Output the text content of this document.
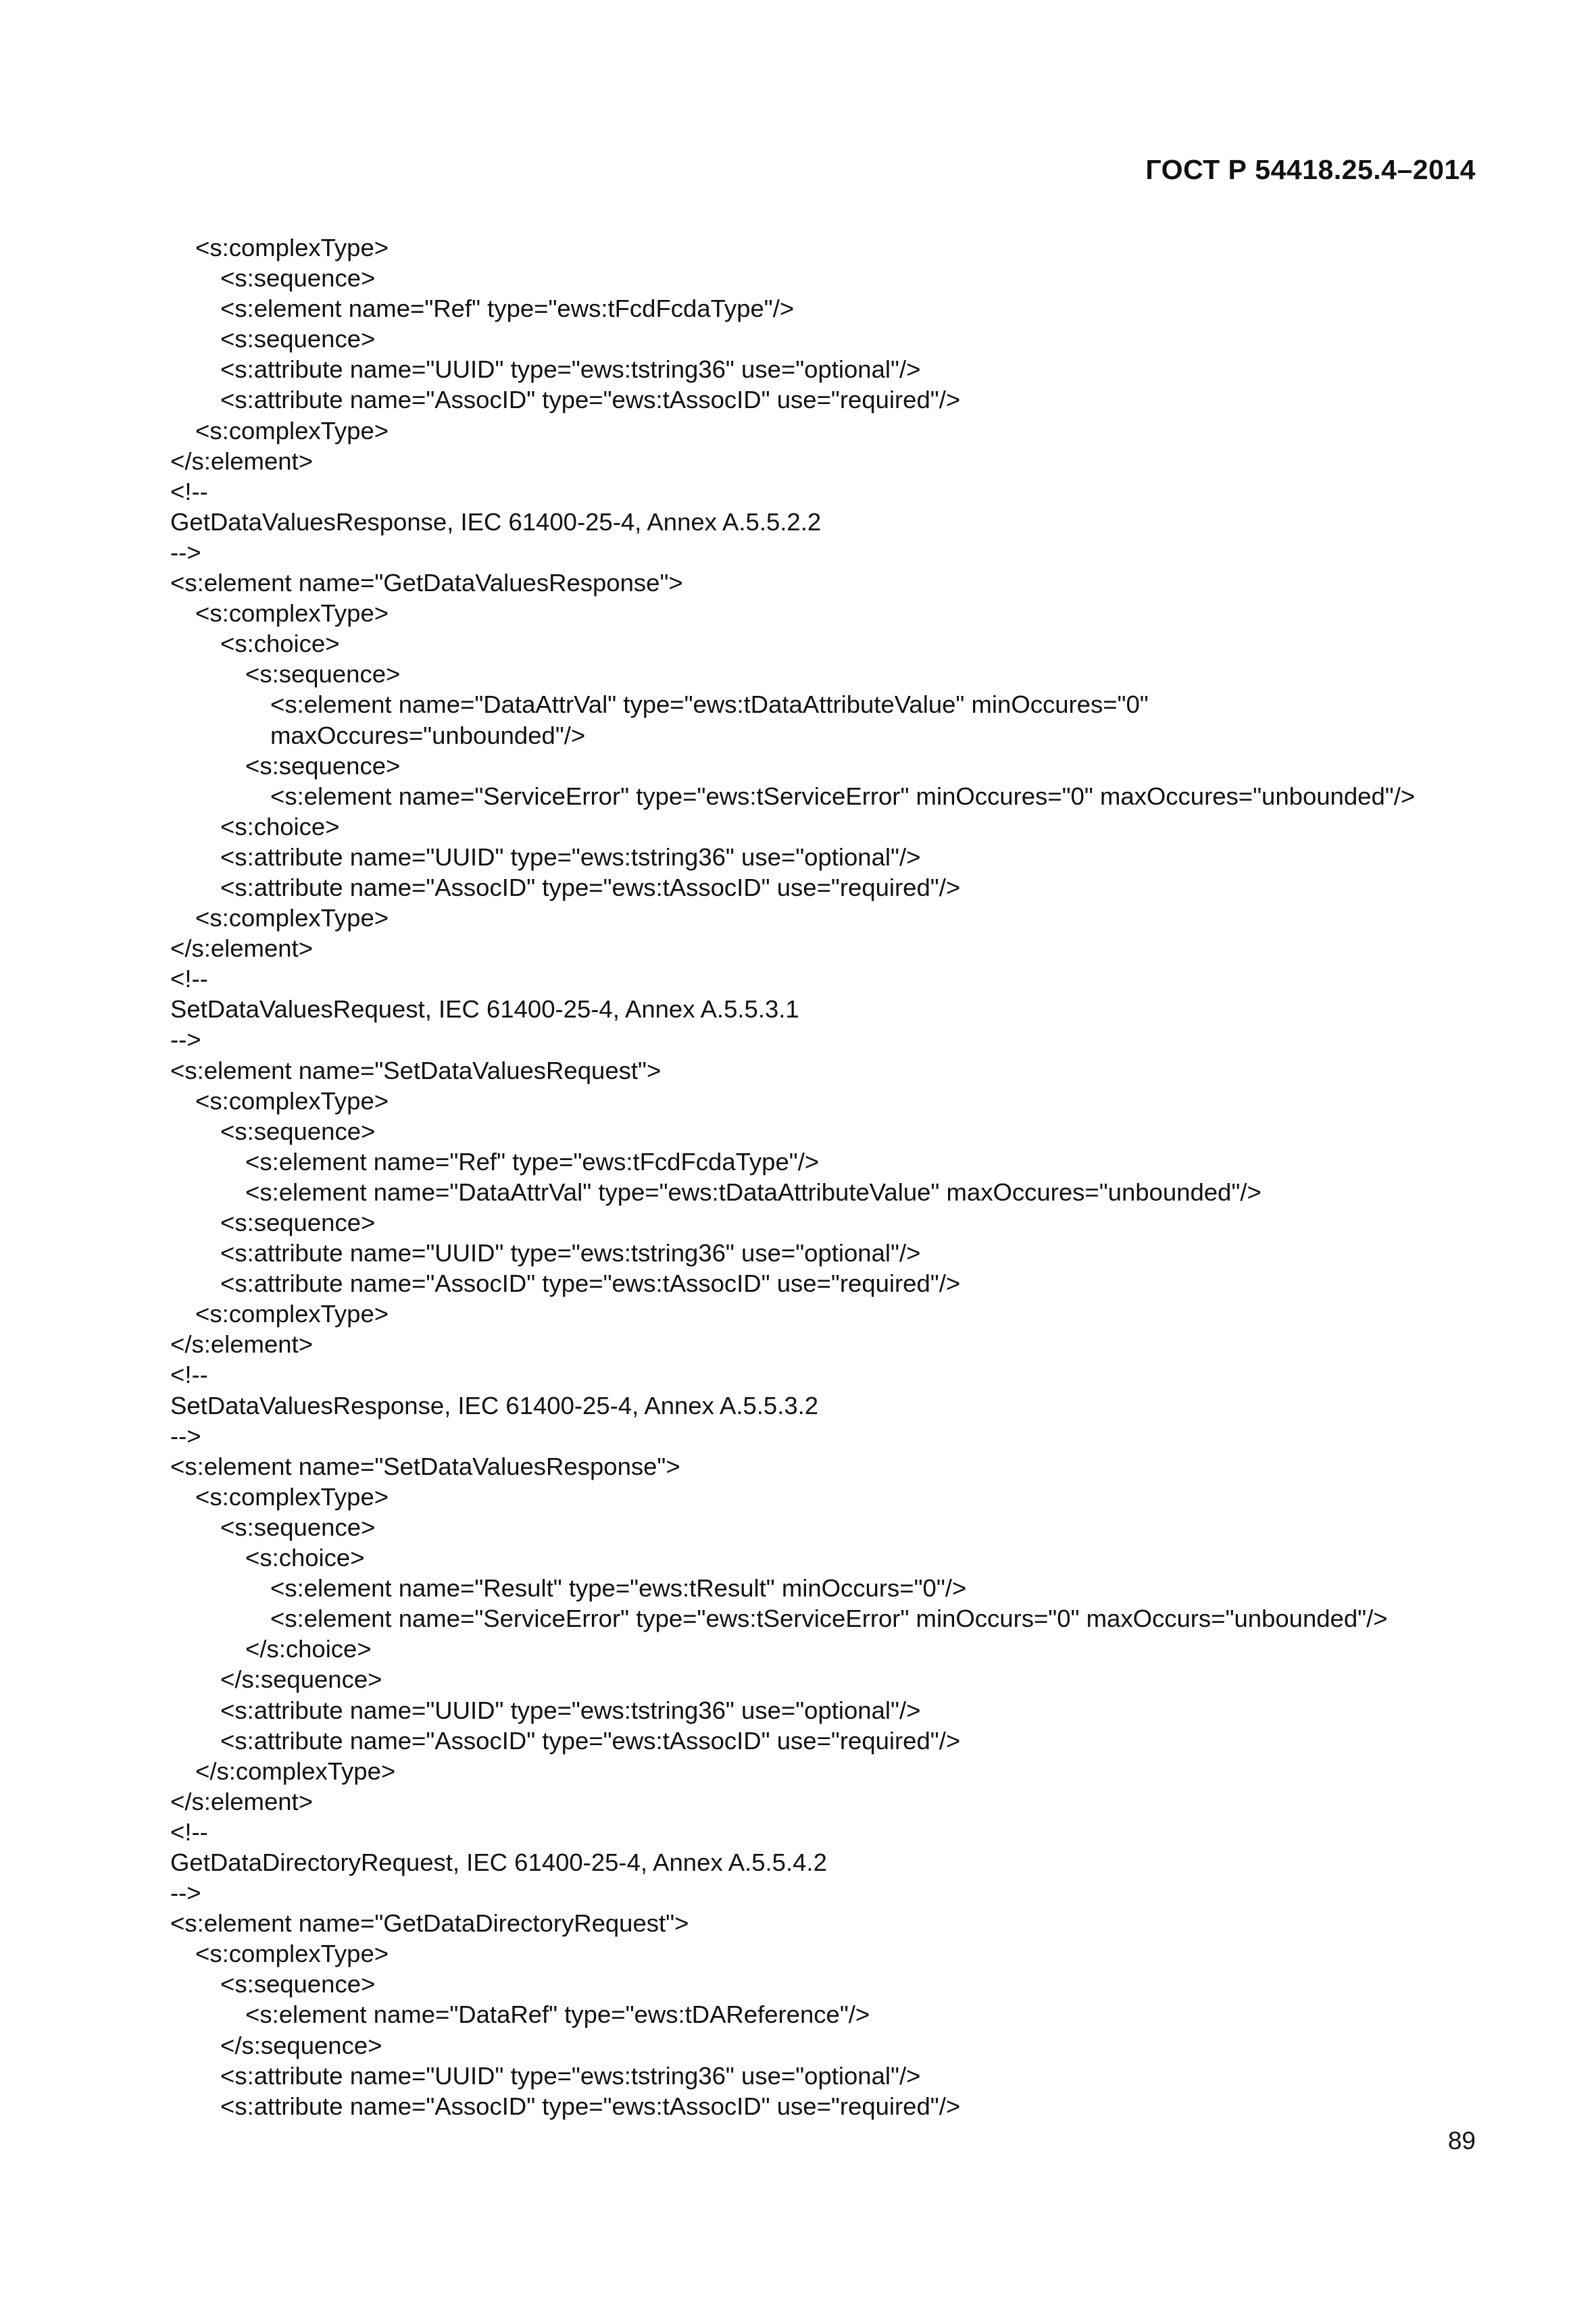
ГОСТ Р 54418.25.4–2014
<s:complexType>
<s:sequence>
<s:element name="Ref" type="ews:tFcdFcdaType"/>
<s:sequence>
<s:attribute name="UUID" type="ews:tstring36" use="optional"/>
<s:attribute name="AssocID" type="ews:tAssocID" use="required"/>
<s:complexType>
</s:element>
<!--
GetDataValuesResponse, IEC 61400-25-4, Annex A.5.5.2.2
-->
<s:element name="GetDataValuesResponse">
<s:complexType>
<s:choice>
<s:sequence>
<s:element name="DataAttrVal" type="ews:tDataAttributeValue" minOccures="0"
maxOccures="unbounded"/>
<s:sequence>
<s:element name="ServiceError" type="ews:tServiceError" minOccures="0" maxOccures="unbounded"/>
<s:choice>
<s:attribute name="UUID" type="ews:tstring36" use="optional"/>
<s:attribute name="AssocID" type="ews:tAssocID" use="required"/>
<s:complexType>
</s:element>
<!--
SetDataValuesRequest, IEC 61400-25-4, Annex A.5.5.3.1
-->
<s:element name="SetDataValuesRequest">
<s:complexType>
<s:sequence>
<s:element name="Ref" type="ews:tFcdFcdaType"/>
<s:element name="DataAttrVal" type="ews:tDataAttributeValue" maxOccures="unbounded"/>
<s:sequence>
<s:attribute name="UUID" type="ews:tstring36" use="optional"/>
<s:attribute name="AssocID" type="ews:tAssocID" use="required"/>
<s:complexType>
</s:element>
<!--
SetDataValuesResponse, IEC 61400-25-4, Annex A.5.5.3.2
-->
<s:element name="SetDataValuesResponse">
<s:complexType>
<s:sequence>
<s:choice>
<s:element name="Result" type="ews:tResult" minOccurs="0"/>
<s:element name="ServiceError" type="ews:tServiceError" minOccurs="0" maxOccurs="unbounded"/>
</s:choice>
</s:sequence>
<s:attribute name="UUID" type="ews:tstring36" use="optional"/>
<s:attribute name="AssocID" type="ews:tAssocID" use="required"/>
</s:complexType>
</s:element>
<!--
GetDataDirectoryRequest, IEC 61400-25-4, Annex A.5.5.4.2
-->
<s:element name="GetDataDirectoryRequest">
<s:complexType>
<s:sequence>
<s:element name="DataRef" type="ews:tDAReference"/>
</s:sequence>
<s:attribute name="UUID" type="ews:tstring36" use="optional"/>
<s:attribute name="AssocID" type="ews:tAssocID" use="required"/>
89
